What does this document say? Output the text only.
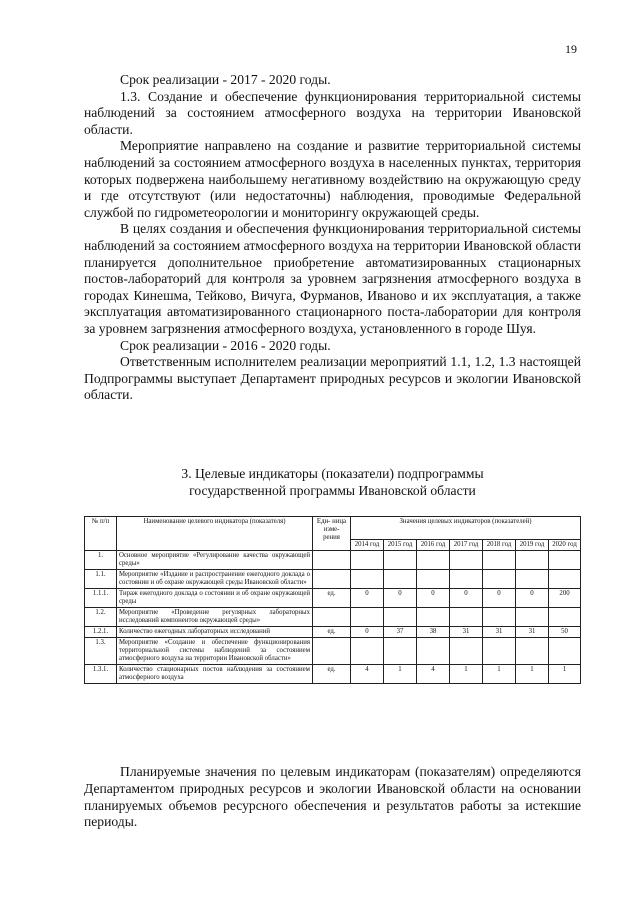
19

Срок реализации - 2017 - 2020 годы.

1.3. Создание и обеспечение функционирования территориальной системы наблюдений за состоянием атмосферного воздуха на территории Ивановской области.

Мероприятие направлено на создание и развитие территориальной системы наблюдений за состоянием атмосферного воздуха в населенных пунктах, территория которых подвержена наибольшему негативному воздействию на окружающую среду и где отсутствуют (или недостаточны) наблюдения, проводимые Федеральной службой по гидрометеорологии и мониторингу окружающей среды.

В целях создания и обеспечения функционирования территориальной системы наблюдений за состоянием атмосферного воздуха на территории Ивановской области планируется дополнительное приобретение автоматизированных стационарных постов-лабораторий для контроля за уровнем загрязнения атмосферного воздуха в городах Кинешма, Тейково, Вичуга, Фурманов, Иваново и их эксплуатация, а также эксплуатация автоматизированного стационарного поста-лаборатории для контроля за уровнем загрязнения атмосферного воздуха, установленного в городе Шуя.

Срок реализации - 2016 - 2020 годы.

Ответственным исполнителем реализации мероприятий 1.1, 1.2, 1.3 настоящей Подпрограммы выступает Департамент природных ресурсов и экологии Ивановской области.

3. Целевые индикаторы (показатели) подпрограммы
государственной программы Ивановской области
№ п/п	Наименование целевого индикатора (показателя)	Еди- ница изме- рения	Значения целевых индикаторов (показателей)						
			2014 год	2015 год	2016 год	2017 год	2018 год	2019 год	2020 год
1.	Основное мероприятие «Регулирование качества окружающей среды»								
1.1.	Мероприятие «Издание и распространение ежегодного доклада о состоянии и об охране окружающей среды Ивановской области»								
1.1.1.	Тираж ежегодного доклада о состоянии и об охране окружающей среды	ед.	0	0	0	0	0	0	200
1.2.	Мероприятие «Проведение регулярных лабораторных исследований компонентов окружающей среды»								
1.2.1.	Количество ежегодных лабораторных исследований	ед.	0	37	38	31	31	31	50
1.3.	Мероприятие «Создание и обеспечение функционирования территориальной системы наблюдений за состоянием атмосферного воздуха на территории Ивановской области»								
1.3.1.	Количество стационарных постов наблюдения за состоянием атмосферного воздуха	ед.	4	1	4	1	1	1	1

Планируемые значения по целевым индикаторам (показателям) определяются Департаментом природных ресурсов и экологии Ивановской области на основании планируемых объемов ресурсного обеспечения и результатов работы за истекшие периоды.
